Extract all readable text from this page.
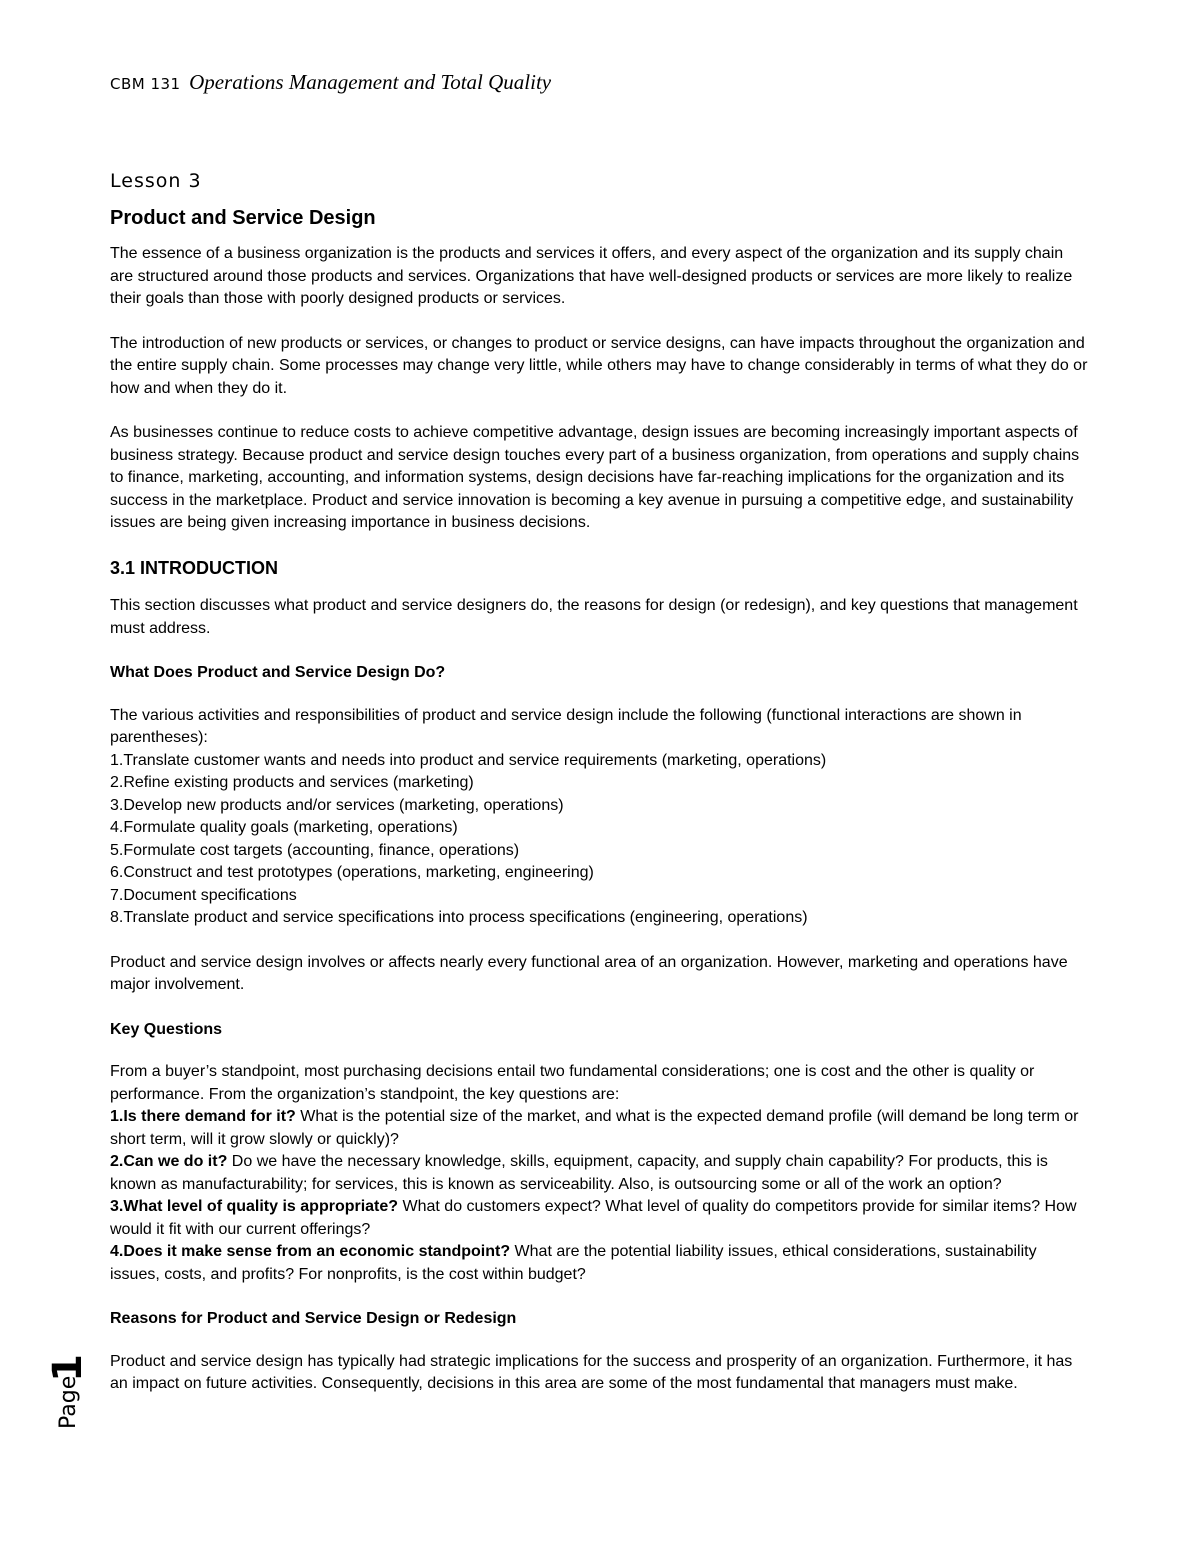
CBM 131 Operations Management and Total Quality
Lesson 3
Product and Service Design

The essence of a business organization is the products and services it offers, and every aspect of the organization and its supply chain are structured around those products and services. Organizations that have well-designed products or services are more likely to realize their goals than those with poorly designed products or services.

The introduction of new products or services, or changes to product or service designs, can have impacts throughout the organization and the entire supply chain. Some processes may change very little, while others may have to change considerably in terms of what they do or how and when they do it.

As businesses continue to reduce costs to achieve competitive advantage, design issues are becoming increasingly important aspects of business strategy. Because product and service design touches every part of a business organization, from operations and supply chains to finance, marketing, accounting, and information systems, design decisions have far-reaching implications for the organization and its success in the marketplace. Product and service innovation is becoming a key avenue in pursuing a competitive edge, and sustainability issues are being given increasing importance in business decisions.

3.1 INTRODUCTION

This section discusses what product and service designers do, the reasons for design (or redesign), and key questions that management must address.

What Does Product and Service Design Do?
The various activities and responsibilities of product and service design include the following (functional interactions are shown in parentheses):
1.Translate customer wants and needs into product and service requirements (marketing, operations)
2.Refine existing products and services (marketing)
3.Develop new products and/or services (marketing, operations)
4.Formulate quality goals (marketing, operations)
5.Formulate cost targets (accounting, finance, operations)
6.Construct and test prototypes (operations, marketing, engineering)
7.Document specifications
8.Translate product and service specifications into process specifications (engineering, operations)

Product and service design involves or affects nearly every functional area of an organization. However, marketing and operations have major involvement.

Key Questions
From a buyer’s standpoint, most purchasing decisions entail two fundamental considerations; one is cost and the other is quality or performance. From the organization’s standpoint, the key questions are:
1.Is there demand for it? What is the potential size of the market, and what is the expected demand profile (will demand be long term or short term, will it grow slowly or quickly)?
2.Can we do it? Do we have the necessary knowledge, skills, equipment, capacity, and supply chain capability? For products, this is known as manufacturability; for services, this is known as serviceability. Also, is outsourcing some or all of the work an option?
3.What level of quality is appropriate? What do customers expect? What level of quality do competitors provide for similar items? How would it fit with our current offerings?
4.Does it make sense from an economic standpoint? What are the potential liability issues, ethical considerations, sustainability issues, costs, and profits? For nonprofits, is the cost within budget?
Reasons for Product and Service Design or Redesign

Product and service design has typically had strategic implications for the success and prosperity of an organization. Furthermore, it has an impact on future activities. Consequently, decisions in this area are some of the most fundamental that managers must make.

1
Page
